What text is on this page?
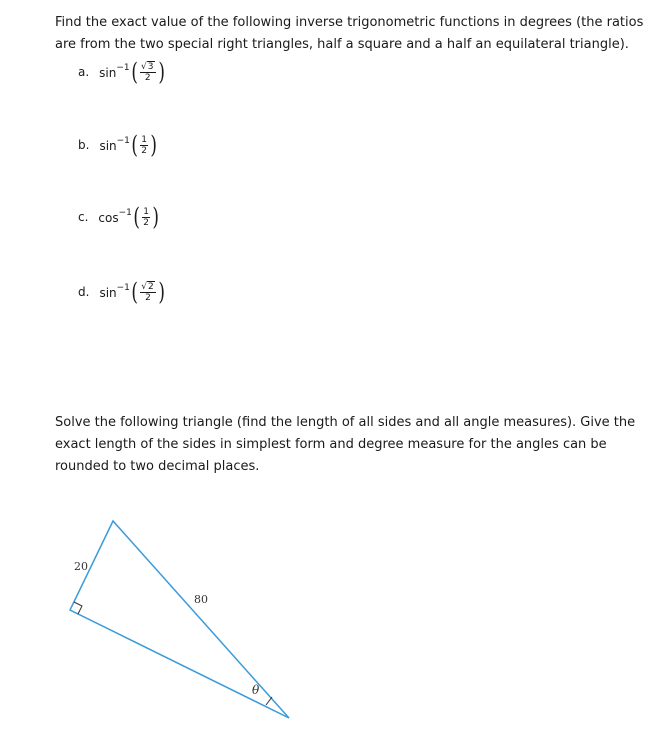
Find the exact value of the following inverse trigonometric functions in degrees (the ratios are from the two special right triangles, half a square and a half an equilateral triangle).
a. $\sin^{-1}$ ( $\frac{√3}{2}$ )
b. $\sin^{-1}$ ( $\frac{1}{2}$ )
c. $\cos^{-1}$ ( $\frac{1}{2}$ )
d. $\sin^{-1}$ ( $\frac{√2}{2}$ )
Solve the following triangle (find the length of all sides and all angle measures). Give the exact length of the sides in simplest form and degree measure for the angles can be rounded to two decimal places.
20
80
θ
